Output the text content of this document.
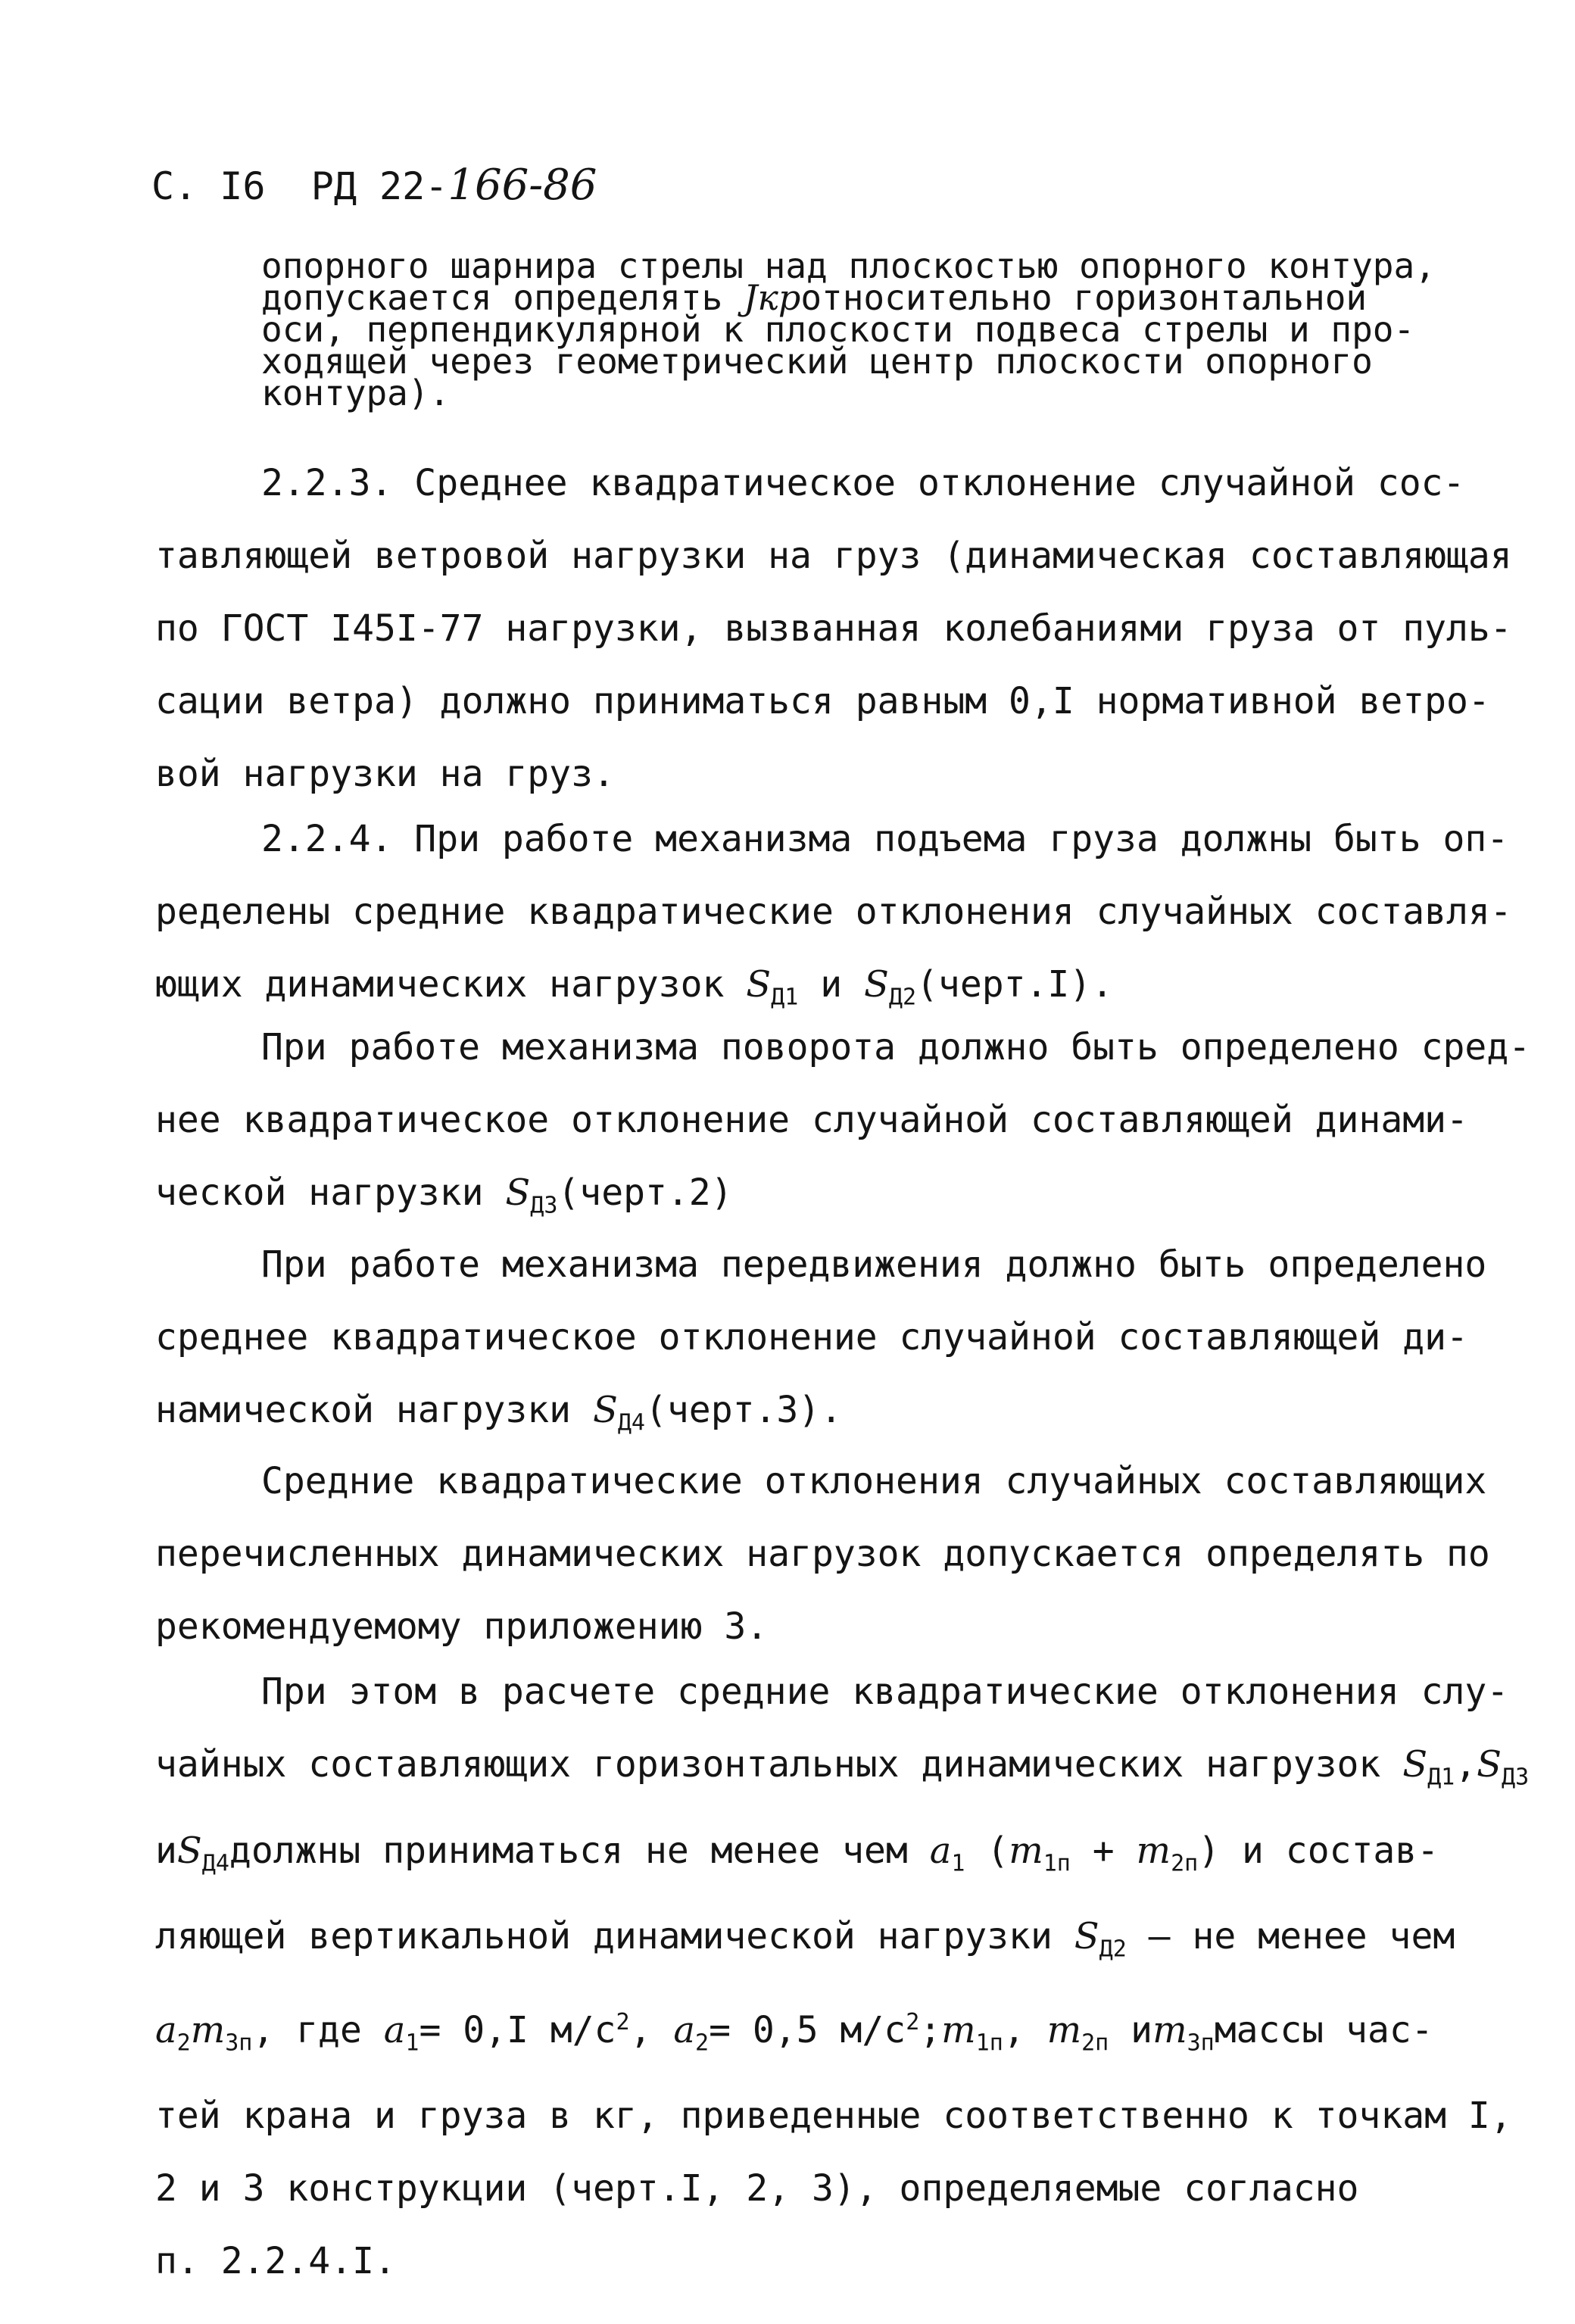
С. I6 РД 22-166-86
опорного шарнира стрелы над плоскостью опорного контура,
допускается определять Jкротносительно горизонтальной
оси, перпендикулярной к плоскости подвеса стрелы и про-
ходящей через геометрический центр плоскости опорного
контура).
2.2.3. Среднее квадратическое отклонение случайной сос-
тавляющей ветровой нагрузки на груз (динамическая составляющая
по ГОСТ I45I-77 нагрузки, вызванная колебаниями груза от пуль-
сации ветра) должно приниматься равным 0,I нормативной ветро-
вой нагрузки на груз.
2.2.4. При работе механизма подъема груза должны быть оп-
ределены средние квадратические отклонения случайных составля-
ющих динамических нагрузок $S_{Д1}$ и $S_{Д2}(черт.I)$.
При работе механизма поворота должно быть определено сред-
нее квадратическое отклонение случайной составляющей динами-
ческой нагрузки $S_{Д3}(черт.2)$
При работе механизма передвижения должно быть определено
среднее квадратическое отклонение случайной составляющей ди-
намической нагрузки $S_{Д4}(черт.3)$.
Средние квадратические отклонения случайных составляющих
перечисленных динамических нагрузок допускается определять по
рекомендуемому приложению 3.
При этом в расчете средние квадратические отклонения слу-
чайных составляющих горизонтальных динамических нагрузок $S_{Д1},S_{Д3}$
$иS_{Д4}должны$ приниматься не менее чем $a_1$ $(m_{1п} + m_{2п})$ и состав-
ляющей вертикальной динамической нагрузки $S_{Д2}$ – не менее чем
$a_2m_{3п}$, где $a_1= 0,I$ $м/с^2$, $a_2= 0,5$ $м/с^2;m_{1п}$, $m_{2п}$ $иm_{3п}массы$ час-
тей крана и груза в кг, приведенные соответственно к точкам I,
2 и 3 конструкции (черт.I, 2, 3), определяемые согласно
п. 2.2.4.I.
